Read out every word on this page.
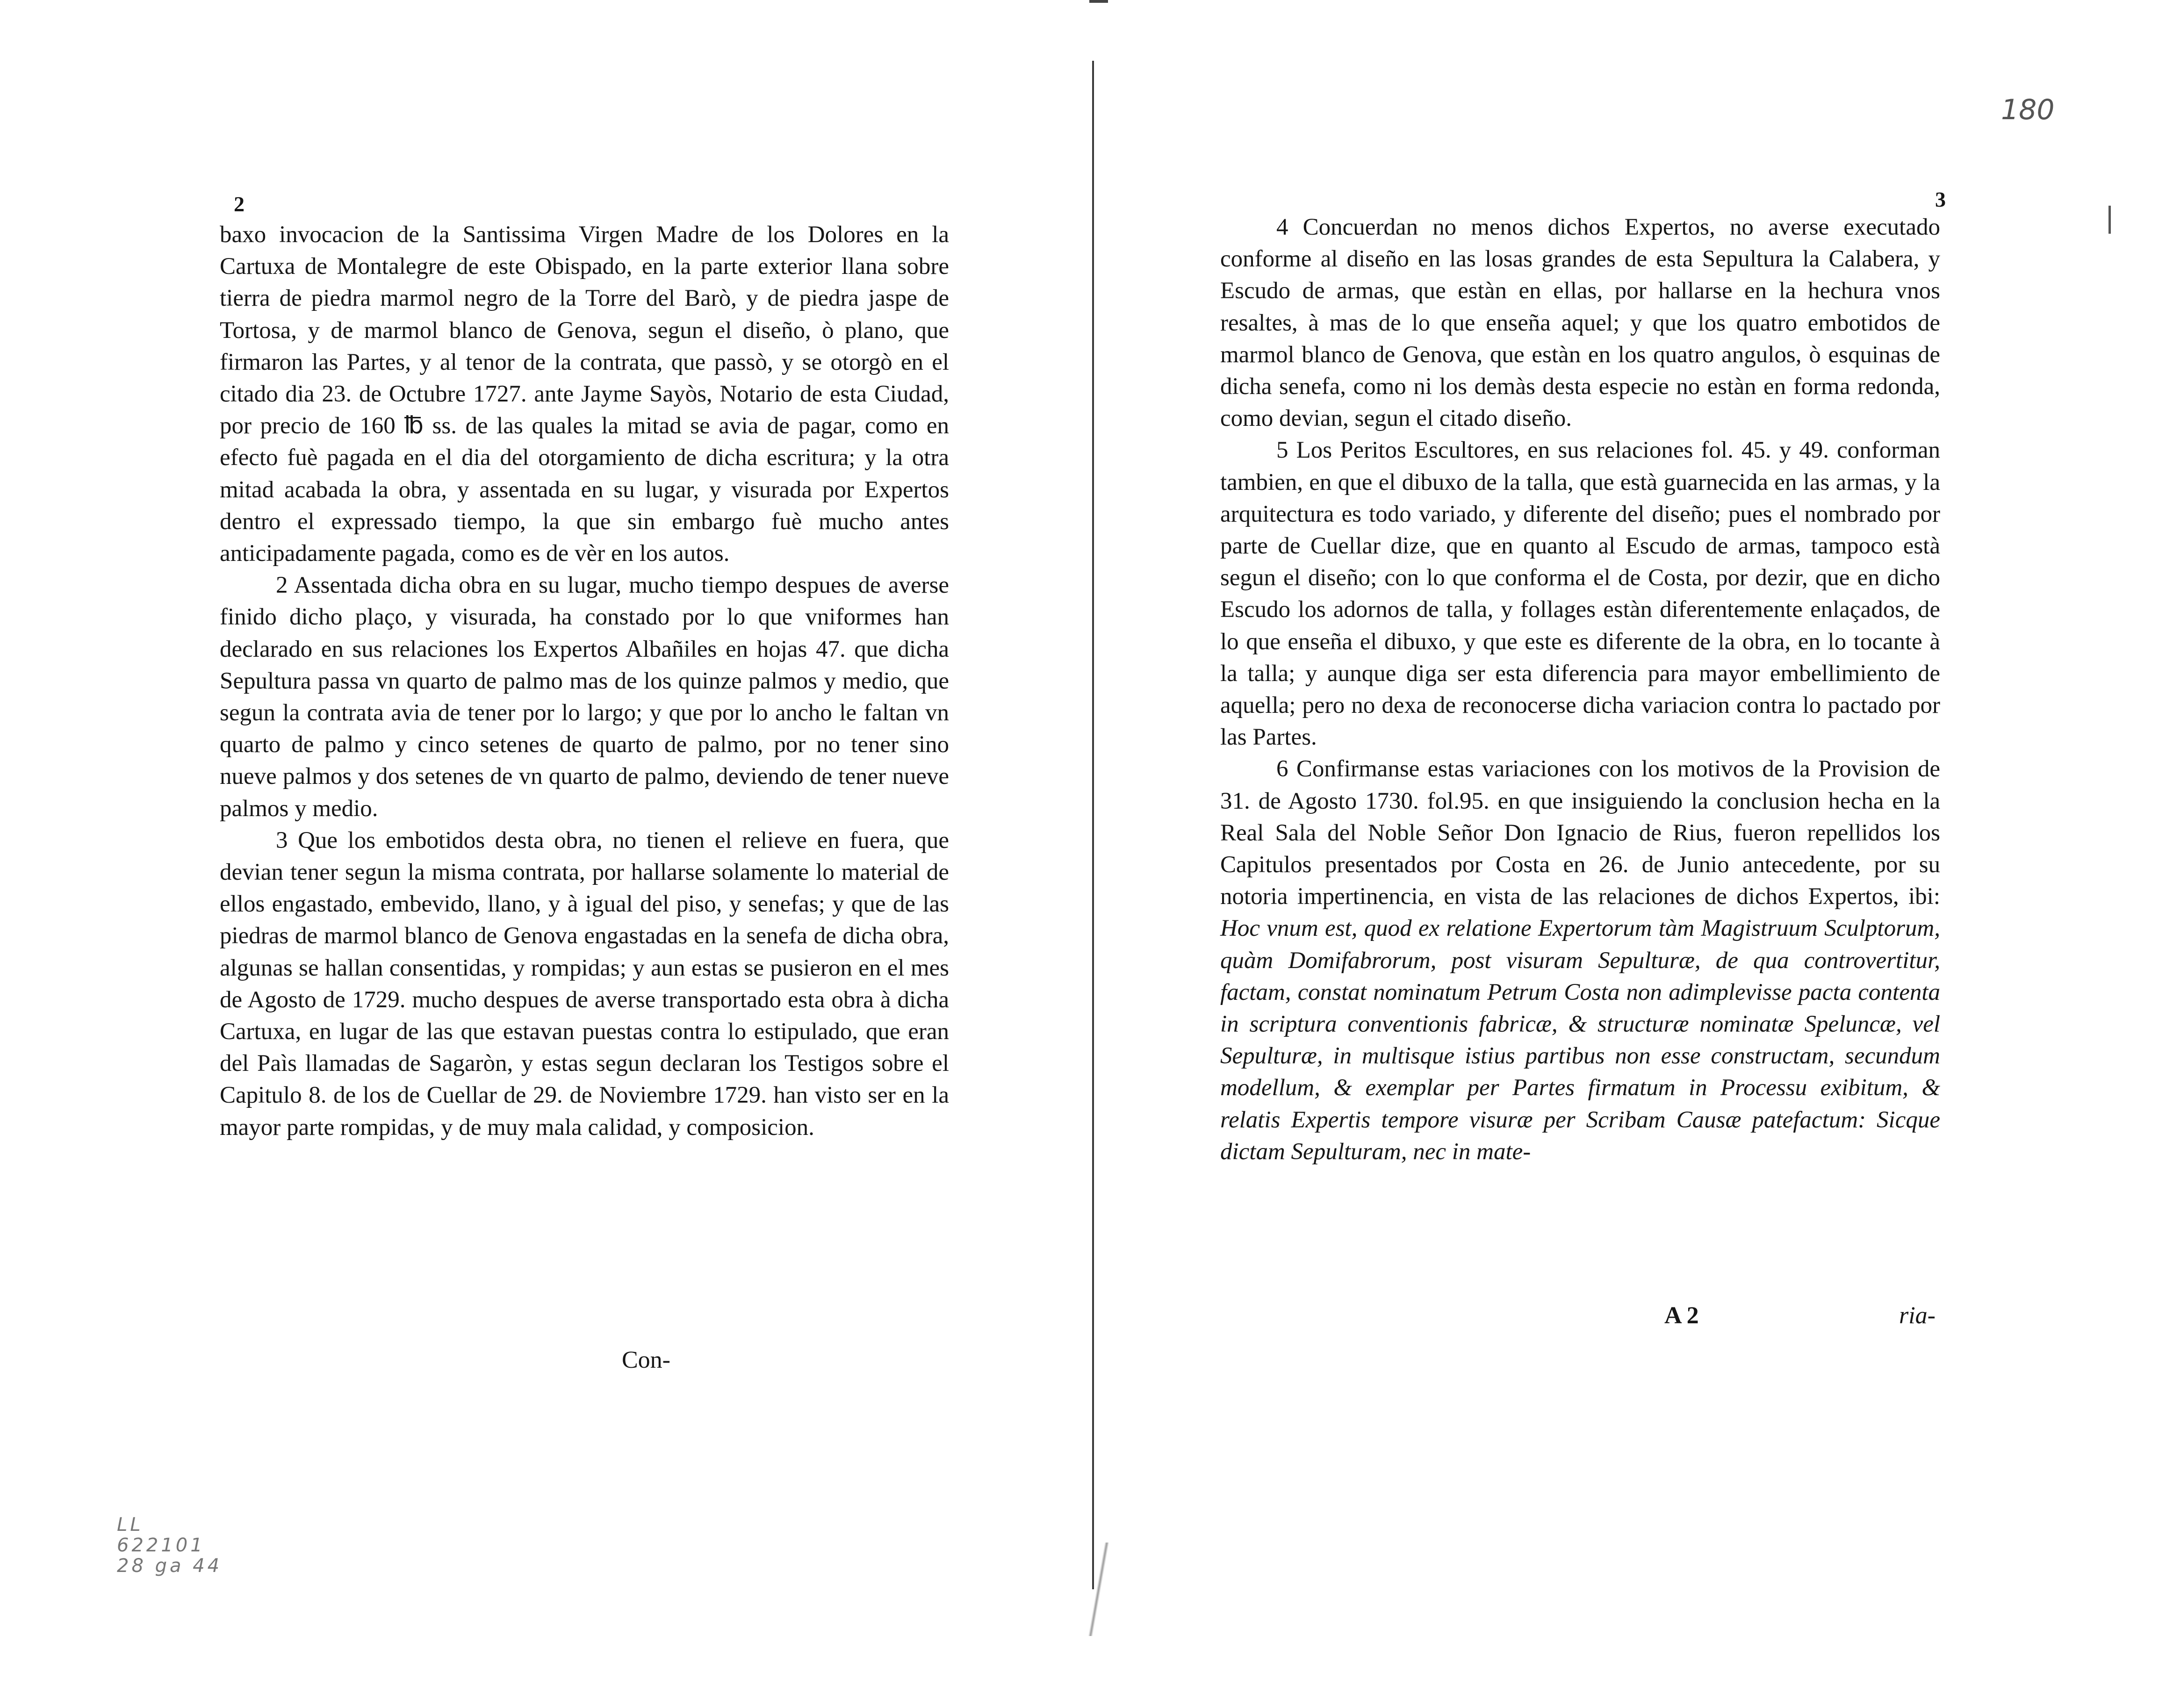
180
2

baxo invocacion de la Santissima Virgen Madre de los Dolores en la Cartuxa de Montalegre de este Obispado, en la parte exterior llana sobre tierra de piedra marmol negro de la Torre del Barò, y de piedra jaspe de Tortosa, y de marmol blanco de Genova, segun el diseño, ò plano, que firmaron las Partes, y al tenor de la contrata, que passò, y se otorgò en el citado dia 23. de Octubre 1727. ante Jayme Sayòs, Notario de esta Ciudad, por precio de 160 ℔ ss. de las quales la mitad se avia de pagar, como en efecto fuè pagada en el dia del otorgamiento de dicha escritura; y la otra mitad acabada la obra, y assentada en su lugar, y visurada por Expertos dentro el expressado tiempo, la que sin embargo fuè mucho antes anticipadamente pagada, como es de vèr en los autos.

2 Assentada dicha obra en su lugar, mucho tiempo despues de averse finido dicho plaço, y visurada, ha constado por lo que vniformes han declarado en sus relaciones los Expertos Albañiles en hojas 47. que dicha Sepultura passa vn quarto de palmo mas de los quinze palmos y medio, que segun la contrata avia de tener por lo largo; y que por lo ancho le faltan vn quarto de palmo y cinco setenes de quarto de palmo, por no tener sino nueve palmos y dos setenes de vn quarto de palmo, deviendo de tener nueve palmos y medio.

3 Que los embotidos desta obra, no tienen el relieve en fuera, que devian tener segun la misma contrata, por hallarse solamente lo material de ellos engastado, embevido, llano, y à igual del piso, y senefas; y que de las piedras de marmol blanco de Genova engastadas en la senefa de dicha obra, algunas se hallan consentidas, y rompidas; y aun estas se pusieron en el mes de Agosto de 1729. mucho despues de averse transportado esta obra à dicha Cartuxa, en lugar de las que estavan puestas contra lo estipulado, que eran del Paìs llamadas de Sagaròn, y estas segun declaran los Testigos sobre el Capitulo 8. de los de Cuellar de 29. de Noviembre 1729. han visto ser en la mayor parte rompidas, y de muy mala calidad, y composicion.

Con-
3

4 Concuerdan no menos dichos Expertos, no averse executado conforme al diseño en las losas grandes de esta Sepultura la Calabera, y Escudo de armas, que estàn en ellas, por hallarse en la hechura vnos resaltes, à mas de lo que enseña aquel; y que los quatro embotidos de marmol blanco de Genova, que estàn en los quatro angulos, ò esquinas de dicha senefa, como ni los demàs desta especie no estàn en forma redonda, como devian, segun el citado diseño.

5 Los Peritos Escultores, en sus relaciones fol. 45. y 49. conforman tambien, en que el dibuxo de la talla, que està guarnecida en las armas, y la arquitectura es todo variado, y diferente del diseño; pues el nombrado por parte de Cuellar dize, que en quanto al Escudo de armas, tampoco està segun el diseño; con lo que conforma el de Costa, por dezir, que en dicho Escudo los adornos de talla, y follages estàn diferentemente enlaçados, de lo que enseña el dibuxo, y que este es diferente de la obra, en lo tocante à la talla; y aunque diga ser esta diferencia para mayor embellimiento de aquella; pero no dexa de reconocerse dicha variacion contra lo pactado por las Partes.

6 Confirmanse estas variaciones con los motivos de la Provision de 31. de Agosto 1730. fol.95. en que insiguiendo la conclusion hecha en la Real Sala del Noble Señor Don Ignacio de Rius, fueron repellidos los Capitulos presentados por Costa en 26. de Junio antecedente, por su notoria impertinencia, en vista de las relaciones de dichos Expertos, ibi: Hoc vnum est, quod ex relatione Expertorum tàm Magistruum Sculptorum, quàm Domifabrorum, post visuram Sepulturæ, de qua controvertitur, factam, constat nominatum Petrum Costa non adimplevisse pacta contenta in scriptura conventionis fabricæ, & structuræ nominatæ Speluncæ, vel Sepulturæ, in multisque istius partibus non esse constructam, secundum modellum, & exemplar per Partes firmatum in Processu exibitum, & relatis Expertis tempore visuræ per Scribam Causæ patefactum: Sicque dictam Sepulturam, nec in mate-

A 2	ria-
LL
622101
28 ga 44
